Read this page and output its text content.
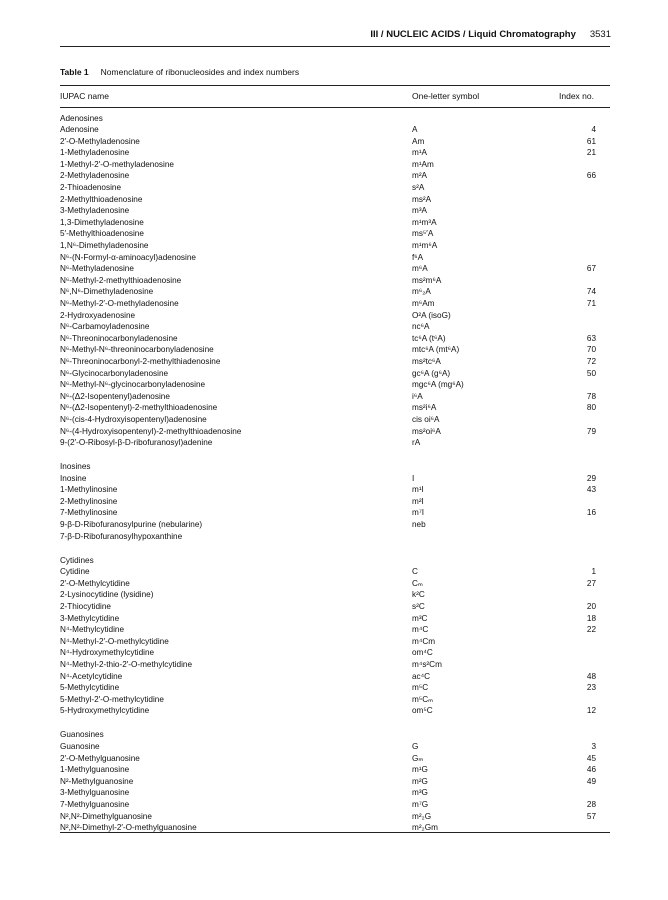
III / NUCLEIC ACIDS / Liquid Chromatography 3531
Table 1 Nomenclature of ribonucleosides and index numbers
IUPAC name	One-letter symbol	Index no.
Adenosines
Adenosine	A	4
2′-O-Methyladenosine	Am	61
1-Methyladenosine	m¹A	21
1-Methyl-2′-O-methyladenosine	m¹Am
2-Methyladenosine	m²A	66
2-Thioadenosine	s²A
2-Methylthioadenosine	ms²A
3-Methyladenosine	m³A
1,3-Dimethyladenosine	m¹m³A
5′-Methylthioadenosine	ms⁵′A
1,N⁶-Dimethyladenosine	m¹m⁶A
N⁶-(N-Formyl-α-aminoacyl)adenosine	f⁶A
N⁶-Methyladenosine	m⁶A	67
N⁶-Methyl-2-methylthioadenosine	ms²m⁶A
N⁶,N⁶-Dimethyladenosine	m⁶₂A	74
N⁶-Methyl-2′-O-methyladenosine	m⁶Am	71
2-Hydroxyadenosine	O²A (isoG)
N⁶-Carbamoyladenosine	nc⁶A
N⁶-Threoninocarbonyladenosine	tc⁶A (t⁶A)	63
N⁶-Methyl-N⁶-threoninocarbonyladenosine	mtc⁶A (mt⁶A)	70
N⁶-Threoninocarbonyl-2-methylthiadenosine	ms²tc⁶A	72
N⁶-Glycinocarbonyladenosine	gc⁶A (g⁶A)	50
N⁶-Methyl-N⁶-glycinocarbonyladenosine	mgc⁶A (mg⁶A)
N⁶-(Δ2-Isopentenyl)adenosine	i⁶A	78
N⁶-(Δ2-Isopentenyl)-2-methylthioadenosine	ms²i⁶A	80
N⁶-(cis-4-Hydroxyisopentenyl)adenosine	cis oi⁶A
N⁶-(4-Hydroxyisopentenyl)-2-methylthioadenosine	ms²oi⁶A	79
9-(2′-O-Ribosyl-β-D-ribofuranosyl)adenine	rA
Inosines
Inosine	I	29
1-Methylinosine	m¹I	43
2-Methylinosine	m²I
7-Methylinosine	m⁷I	16
9-β-D-Ribofuranosylpurine (nebularine)	neb
7-β-D-Ribofuranosylhypoxanthine
Cytidines
Cytidine	C	1
2′-O-Methylcytidine	Cₘ	27
2-Lysinocytidine (lysidine)	k²C
2-Thiocytidine	s²C	20
3-Methylcytidine	m³C	18
N⁴-Methylcytidine	m⁴C	22
N⁴-Methyl-2′-O-methylcytidine	m⁴Cm
N⁴-Hydroxymethylcytidine	om⁴C
N⁴-Methyl-2-thio-2′-O-methylcytidine	m⁴s²Cm
N⁴-Acetylcytidine	ac⁴C	48
5-Methylcytidine	m⁵C	23
5-Methyl-2′-O-methylcytidine	m⁵Cₘ
5-Hydroxymethylcytidine	om⁵C	12
Guanosines
Guanosine	G	3
2′-O-Methylguanosine	Gₘ	45
1-Methylguanosine	m¹G	46
N²-Methylguanosine	m²G	49
3-Methylguanosine	m³G
7-Methylguanosine	m⁷G	28
N²,N²-Dimethylguanosine	m²₂G	57
N²,N²-Dimethyl-2′-O-methylguanosine	m²₂Gm
